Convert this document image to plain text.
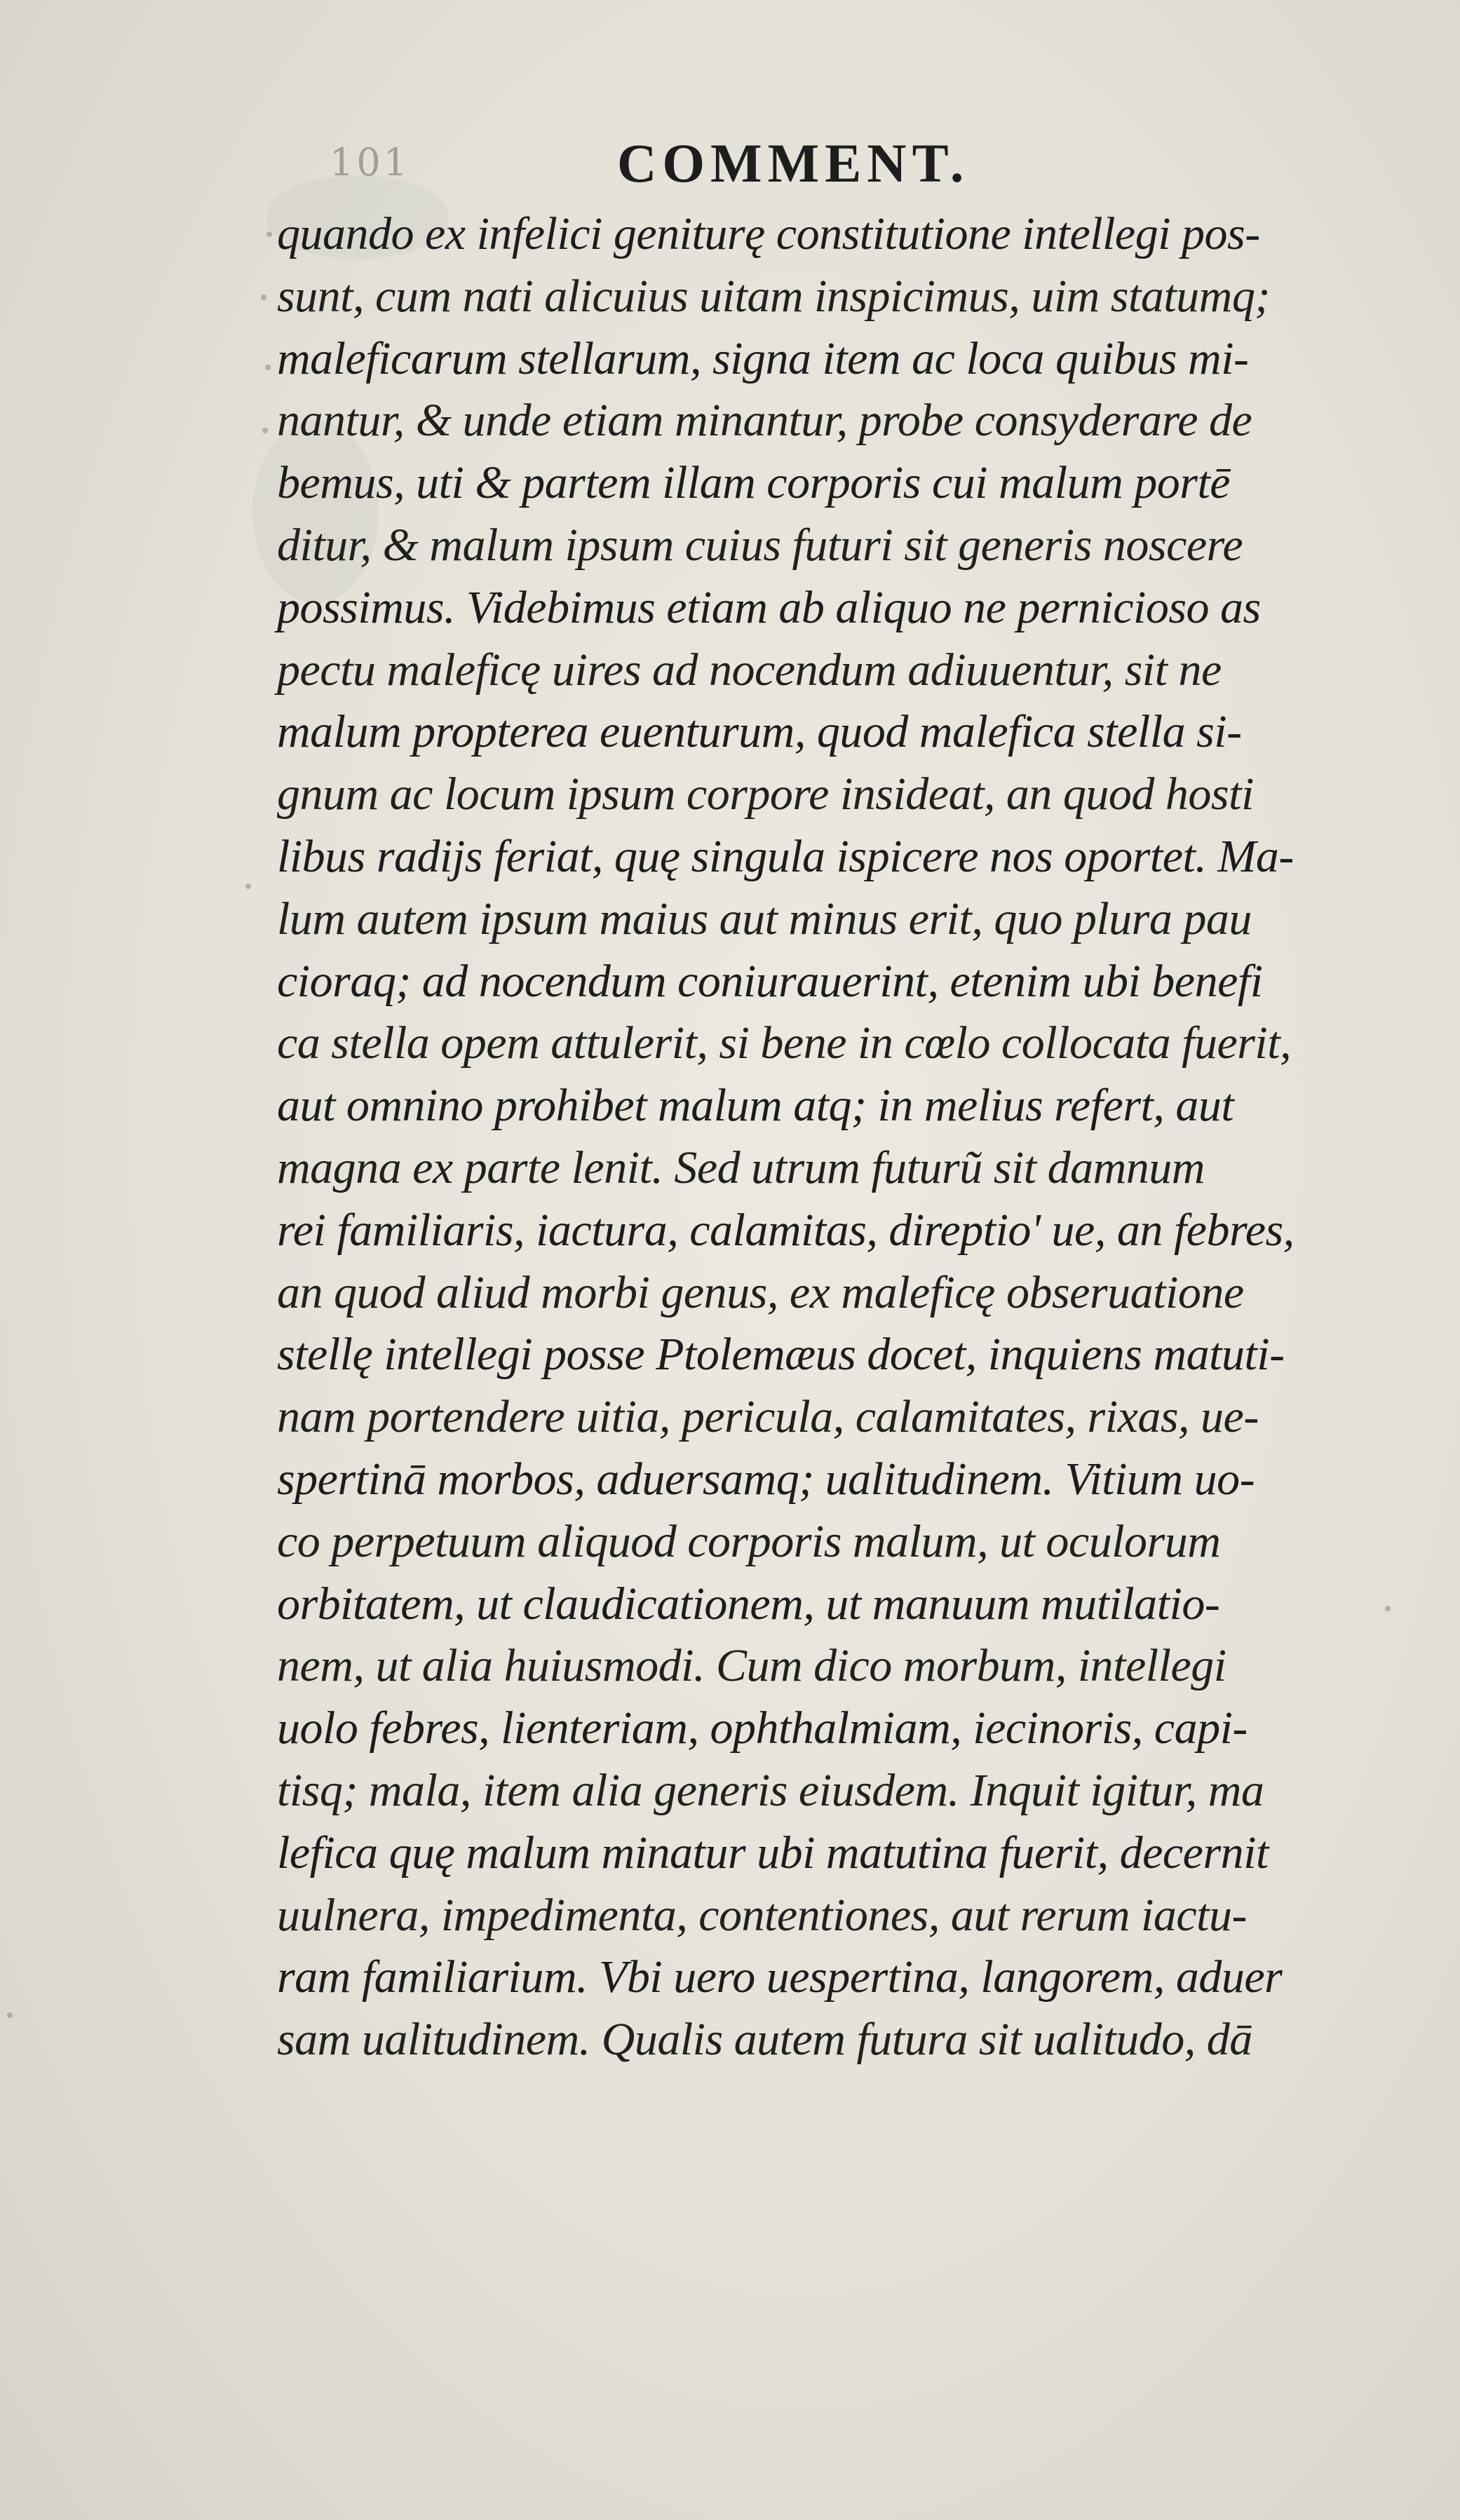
101	COMMENT.
quando ex infelici geniturę constitutione intellegi pos-
sunt, cum nati alicuius uitam inspicimus, uim statumq;
maleficarum stellarum, signa item ac loca quibus mi-
nantur, & unde etiam minantur, probe consyderare de
bemus, uti & partem illam corporis cui malum portē
ditur, & malum ipsum cuius futuri sit generis noscere
possimus. Videbimus etiam ab aliquo ne pernicioso as
pectu maleficę uires ad nocendum adiuuentur, sit ne
malum propterea euenturum, quod malefica stella si-
gnum ac locum ipsum corpore insideat, an quod hosti
libus radijs feriat, quę singula ispicere nos oportet. Ma-
lum autem ipsum maius aut minus erit, quo plura pau
cioraq; ad nocendum coniurauerint, etenim ubi benefi
ca stella opem attulerit, si bene in cœlo collocata fuerit,
aut omnino prohibet malum atq; in melius refert, aut
magna ex parte lenit. Sed utrum futurũ sit damnum
rei familiaris, iactura, calamitas, direptio' ue, an febres,
an quod aliud morbi genus, ex maleficę obseruatione
stellę intellegi posse Ptolemæus docet, inquiens matuti-
nam portendere uitia, pericula, calamitates, rixas, ue-
spertinā morbos, aduersamq; ualitudinem. Vitium uo-
co perpetuum aliquod corporis malum, ut oculorum
orbitatem, ut claudicationem, ut manuum mutilatio-
nem, ut alia huiusmodi. Cum dico morbum, intellegi
uolo febres, lienteriam, ophthalmiam, iecinoris, capi-
tisq; mala, item alia generis eiusdem. Inquit igitur, ma
lefica quę malum minatur ubi matutina fuerit, decernit
uulnera, impedimenta, contentiones, aut rerum iactu-
ram familiarium. Vbi uero uespertina, langorem, aduer
sam ualitudinem. Qualis autem futura sit ualitudo, dā
